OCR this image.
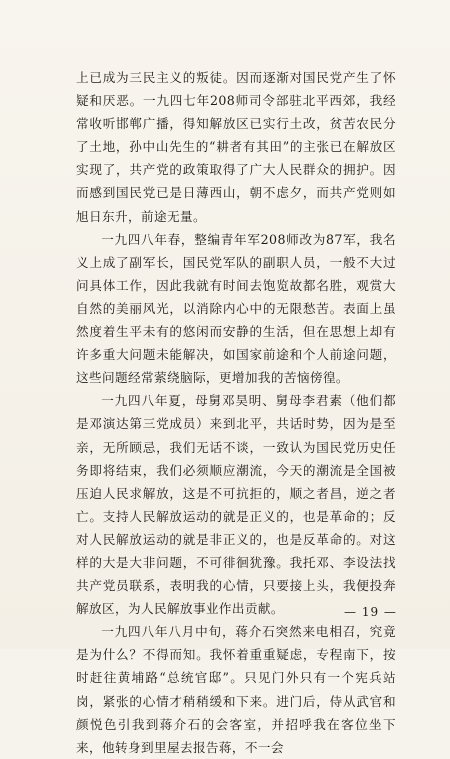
上已成为三民主义的叛徒。因而逐渐对国民党产生了怀疑和厌恶。一九四七年208师司令部驻北平西郊，我经常收听邯郸广播，得知解放区已实行土改，贫苦农民分了土地，孙中山先生的“耕者有其田”的主张已在解放区实现了，共产党的政策取得了广大人民群众的拥护。因而感到国民党已是日薄西山，朝不虑夕，而共产党则如旭日东升，前途无量。

一九四八年春，整编青年军208师改为87军，我名义上成了副军长，国民党军队的副职人员，一般不大过问具体工作，因此我就有时间去饱览故都名胜，观赏大自然的美丽风光，以消除内心中的无限愁苦。表面上虽然度着生平未有的悠闲而安静的生活，但在思想上却有许多重大问题未能解决，如国家前途和个人前途问题，这些问题经常萦绕脑际，更增加我的苦恼傍徨。

一九四八年夏，母舅邓昊明、舅母李君素（他们都是邓演达第三党成员）来到北平，共话时势，因为是至亲，无所顾忌，我们无话不谈，一致认为国民党历史任务即将结束，我们必须顺应潮流，今天的潮流是全国被压迫人民求解放，这是不可抗拒的，顺之者昌，逆之者亡。支持人民解放运动的就是正义的，也是革命的；反对人民解放运动的就是非正义的，也是反革命的。对这样的大是大非问题，不可徘徊犹豫。我托邓、李设法找共产党员联系，表明我的心情，只要接上头，我便投奔解放区，为人民解放事业作出贡献。

一九四八年八月中旬，蒋介石突然来电相召，究竟是为什么？不得而知。我怀着重重疑虑，专程南下，按时赶往黄埔路“总统官邸”。只见门外只有一个宪兵站岗，紧张的心情才稍稍缓和下来。进门后，侍从武官和颜悦色引我到蒋介石的会客室，并招呼我在客位坐下来，他转身到里屋去报告蒋，不一会

— 19 —
